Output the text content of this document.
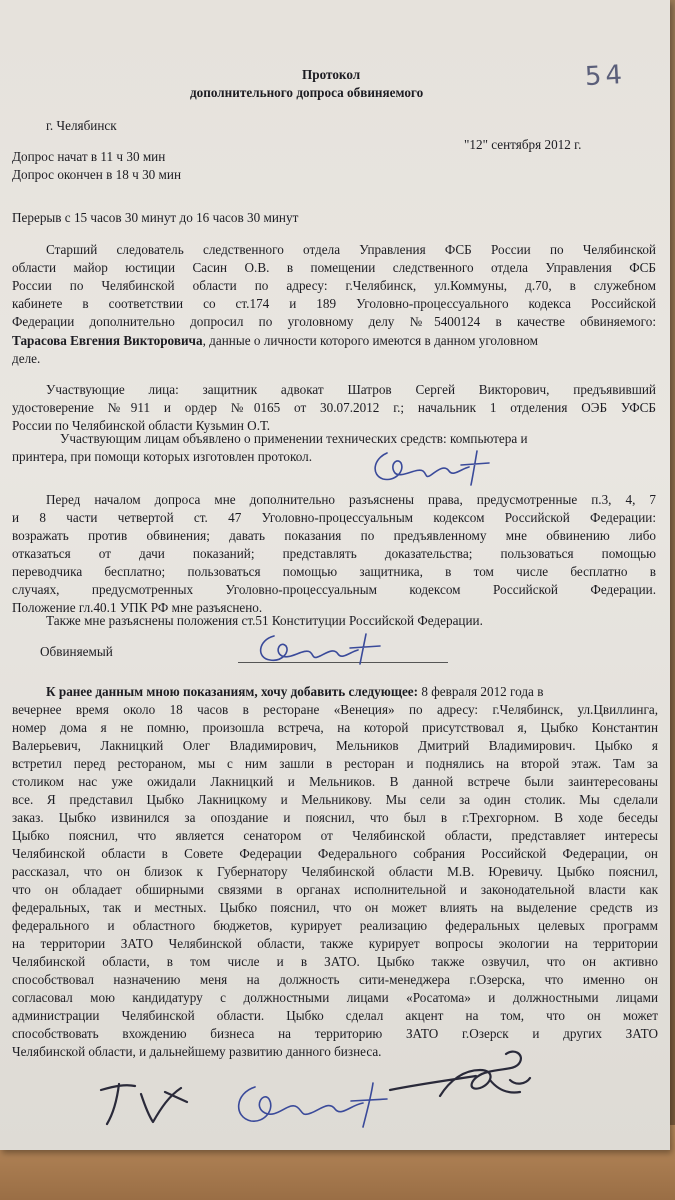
54
Протокол
дополнительного допроса обвиняемого
г. Челябинск
"12" сентября 2012 г.
Допрос начат в 11 ч 30 мин
Допрос окончен в 18 ч 30 мин
Перерыв с 15 часов 30 минут до 16 часов 30 минут
Старший следователь следственного отдела Управления ФСБ России по Челябинской
области майор юстиции Сасин О.В. в помещении следственного отдела Управления ФСБ
России по Челябинской области по адресу: г.Челябинск, ул.Коммуны, д.70, в служебном
кабинете в соответствии со ст.174 и 189 Уголовно-процессуального кодекса Российской
Федерации дополнительно допросил по уголовному делу №5400124 в качестве обвиняемого:
Тарасова Евгения Викторовича, данные о личности которого имеются в данном уголовном
деле.
Участвующие лица: защитник адвокат Шатров Сергей Викторович, предъявивший
удостоверение №911 и ордер №0165 от 30.07.2012 г.; начальник 1 отделения ОЭБ УФСБ
России по Челябинской области Кузьмин О.Т.
Участвующим лицам объявлено о применении технических средств: компьютера и
принтера, при помощи которых изготовлен протокол.
Перед началом допроса мне дополнительно разъяснены права, предусмотренные п.3, 4, 7
и 8 части четвертой ст. 47 Уголовно-процессуальным кодексом Российской Федерации:
возражать против обвинения; давать показания по предъявленному мне обвинению либо
отказаться от дачи показаний; представлять доказательства; пользоваться помощью
переводчика бесплатно; пользоваться помощью защитника, в том числе бесплатно в
случаях, предусмотренных Уголовно-процессуальным кодексом Российской Федерации.
Положение гл.40.1 УПК РФ мне разъяснено.
Также мне разъяснены положения ст.51 Конституции Российской Федерации.
Обвиняемый
К ранее данным мною показаниям, хочу добавить следующее: 8 февраля 2012 года в
вечернее время около 18 часов в ресторане «Венеция» по адресу: г.Челябинск, ул.Цвиллинга,
номер дома я не помню, произошла встреча, на которой присутствовал я, Цыбко Константин
Валерьевич, Лакницкий Олег Владимирович, Мельников Дмитрий Владимирович. Цыбко я
встретил перед рестораном, мы с ним зашли в ресторан и поднялись на второй этаж. Там за
столиком нас уже ожидали Лакницкий и Мельников. В данной встрече были заинтересованы
все. Я представил Цыбко Лакницкому и Мельникову. Мы сели за один столик. Мы сделали
заказ. Цыбко извинился за опоздание и пояснил, что был в г.Трехгорном. В ходе беседы
Цыбко пояснил, что является сенатором от Челябинской области, представляет интересы
Челябинской области в Совете Федерации Федерального собрания Российской Федерации, он
рассказал, что он близок к Губернатору Челябинской области М.В. Юревичу. Цыбко пояснил,
что он обладает обширными связями в органах исполнительной и законодательной власти как
федеральных, так и местных. Цыбко пояснил, что он может влиять на выделение средств из
федерального и областного бюджетов, курирует реализацию федеральных целевых программ
на территории ЗАТО Челябинской области, также курирует вопросы экологии на территории
Челябинской области, в том числе и в ЗАТО. Цыбко также озвучил, что он активно
способствовал назначению меня на должность сити-менеджера г.Озерска, что именно он
согласовал мою кандидатуру с должностными лицами «Росатома» и должностными лицами
администрации Челябинской области. Цыбко сделал акцент на том, что он может
способствовать вхождению бизнеса на территорию ЗАТО г.Озерск и других ЗАТО
Челябинской области, и дальнейшему развитию данного бизнеса.
